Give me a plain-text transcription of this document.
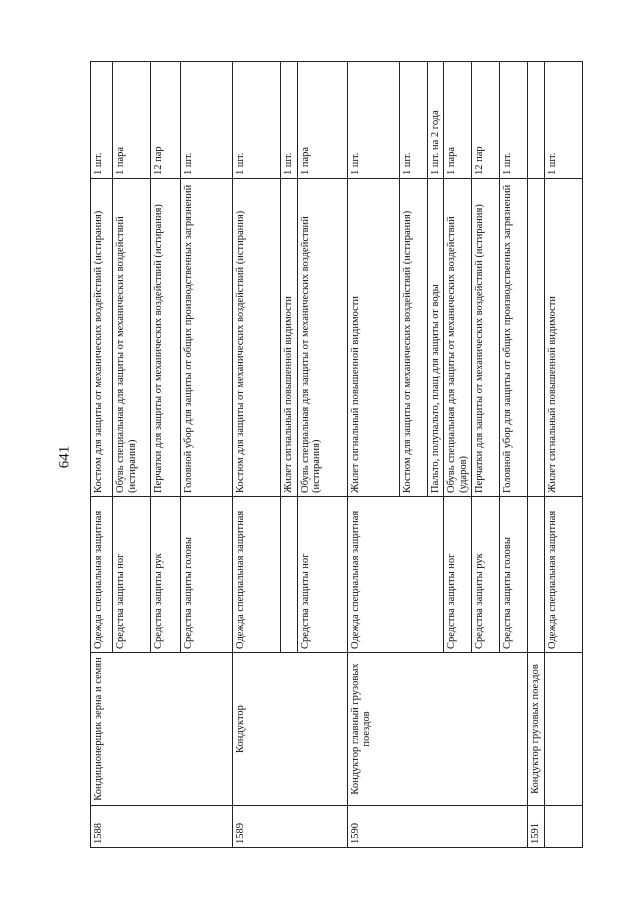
641
1588	Кондиционерщик зерна и семян	Одежда специальная защитная	Костюм для защиты от механических воздействий (истирания)	1 шт.
		Средства защиты ног	Обувь специальная для защиты от механических воздействий (истирания)	1 пара
		Средства защиты рук	Перчатки для защиты от механических воздействий (истирания)	12 пар
		Средства защиты головы	Головной убор для защиты от общих производственных загрязнений	1 шт.
1589	Кондуктор	Одежда специальная защитная	Костюм для защиты от механических воздействий (истирания)	1 шт.
			Жилет сигнальный повышенной видимости	1 шт.
		Средства защиты ног	Обувь специальная для защиты от механических воздействий (истирания)	1 пара
1590	Кондуктор главный грузовых поездов	Одежда специальная защитная	Жилет сигнальный повышенной видимости	1 шт.
			Костюм для защиты от механических воздействий (истирания)	1 шт.
			Пальто, полупальто, плащ для защиты от воды	1 шт. на 2 года
		Средства защиты ног	Обувь специальная для защиты от механических воздействий (ударов)	1 пара
		Средства защиты рук	Перчатки для защиты от механических воздействий (истирания)	12 пар
		Средства защиты головы	Головной убор для защиты от общих производственных загрязнений	1 шт.
1591	Кондуктор грузовых поездов			
		Одежда специальная защитная	Жилет сигнальный повышенной видимости	1 шт.
